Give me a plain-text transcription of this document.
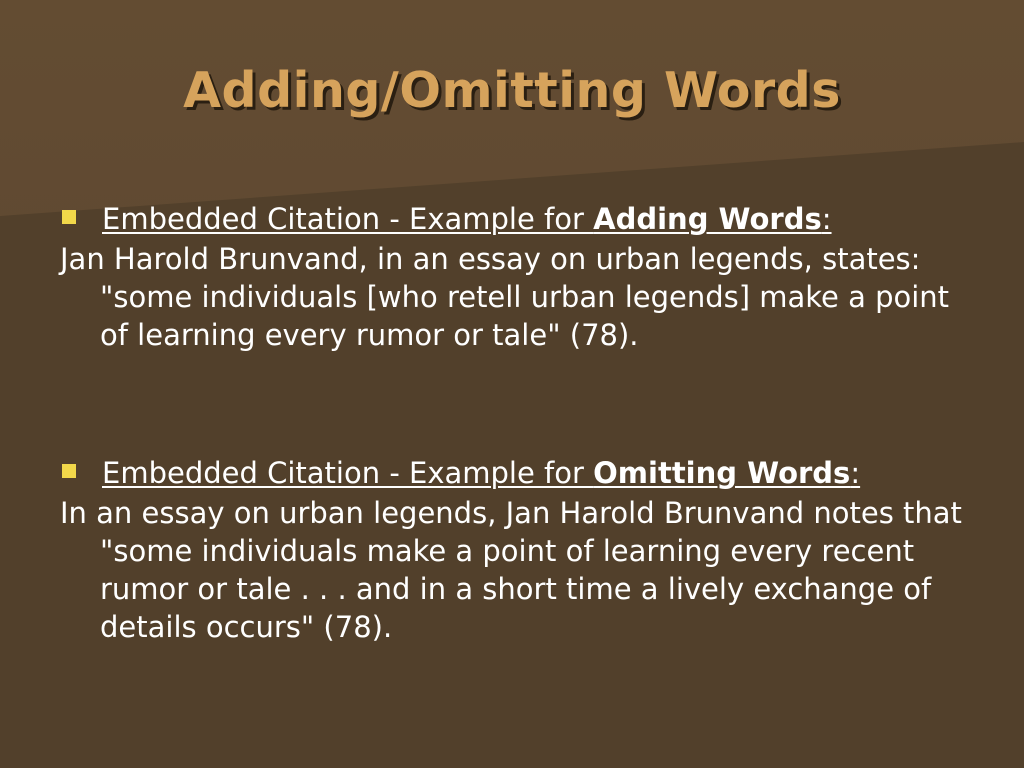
Adding/Omitting Words
Embedded Citation - Example for Adding Words:

Jan Harold Brunvand, in an essay on urban legends, states: "some individuals [who retell urban legends] make a point of learning every rumor or tale" (78).

Embedded Citation - Example for Omitting Words:

In an essay on urban legends, Jan Harold Brunvand notes that "some individuals make a point of learning every recent rumor or tale . . . and in a short time a lively exchange of details occurs" (78).
